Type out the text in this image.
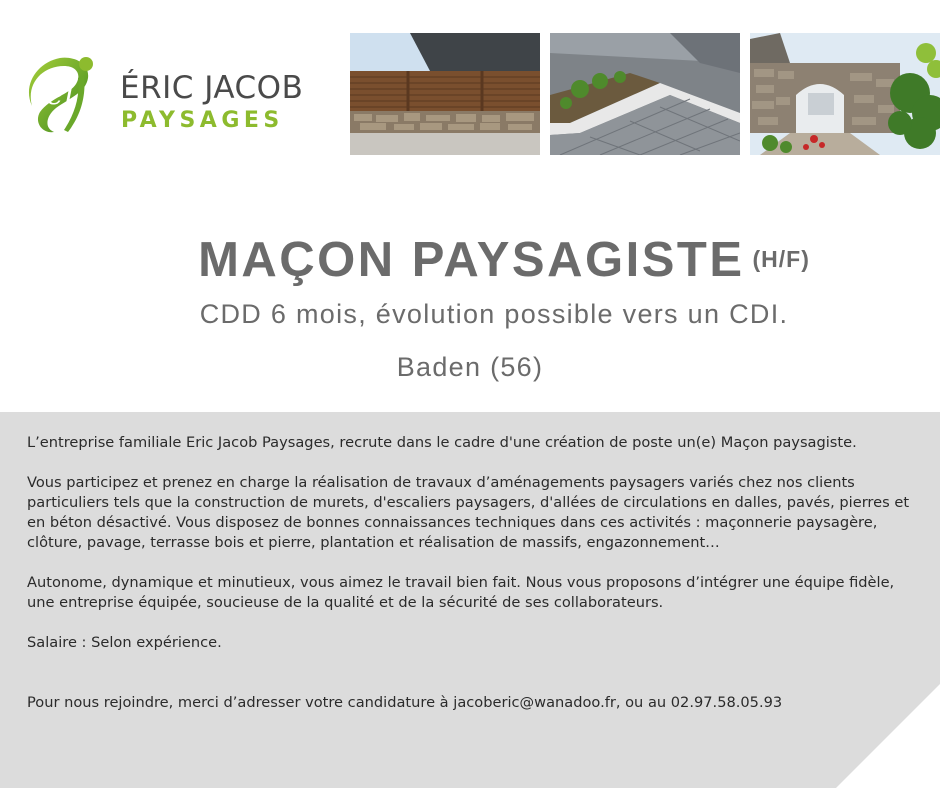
ej ÉRIC JACOB
PAYSAGES
MAÇON PAYSAGISTE (H/F)
CDD 6 mois, évolution possible vers un CDI.
Baden (56)

L’entreprise familiale Eric Jacob Paysages, recrute dans le cadre d'une création de poste un(e) Maçon paysagiste.

Vous participez et prenez en charge la réalisation de travaux d’aménagements paysagers variés chez nos clients particuliers tels que la construction de murets, d'escaliers paysagers, d'allées de circulations en dalles, pavés, pierres et en béton désactivé. Vous disposez de bonnes connaissances techniques dans ces activités : maçonnerie paysagère, clôture, pavage, terrasse bois et pierre, plantation et réalisation de massifs, engazonnement…

Autonome, dynamique et minutieux, vous aimez le travail bien fait. Nous vous proposons d’intégrer une équipe fidèle, une entreprise équipée, soucieuse de la qualité et de la sécurité de ses collaborateurs.

Salaire : Selon expérience.

Pour nous rejoindre, merci d’adresser votre candidature à jacoberic@wanadoo.fr, ou au 02.97.58.05.93
